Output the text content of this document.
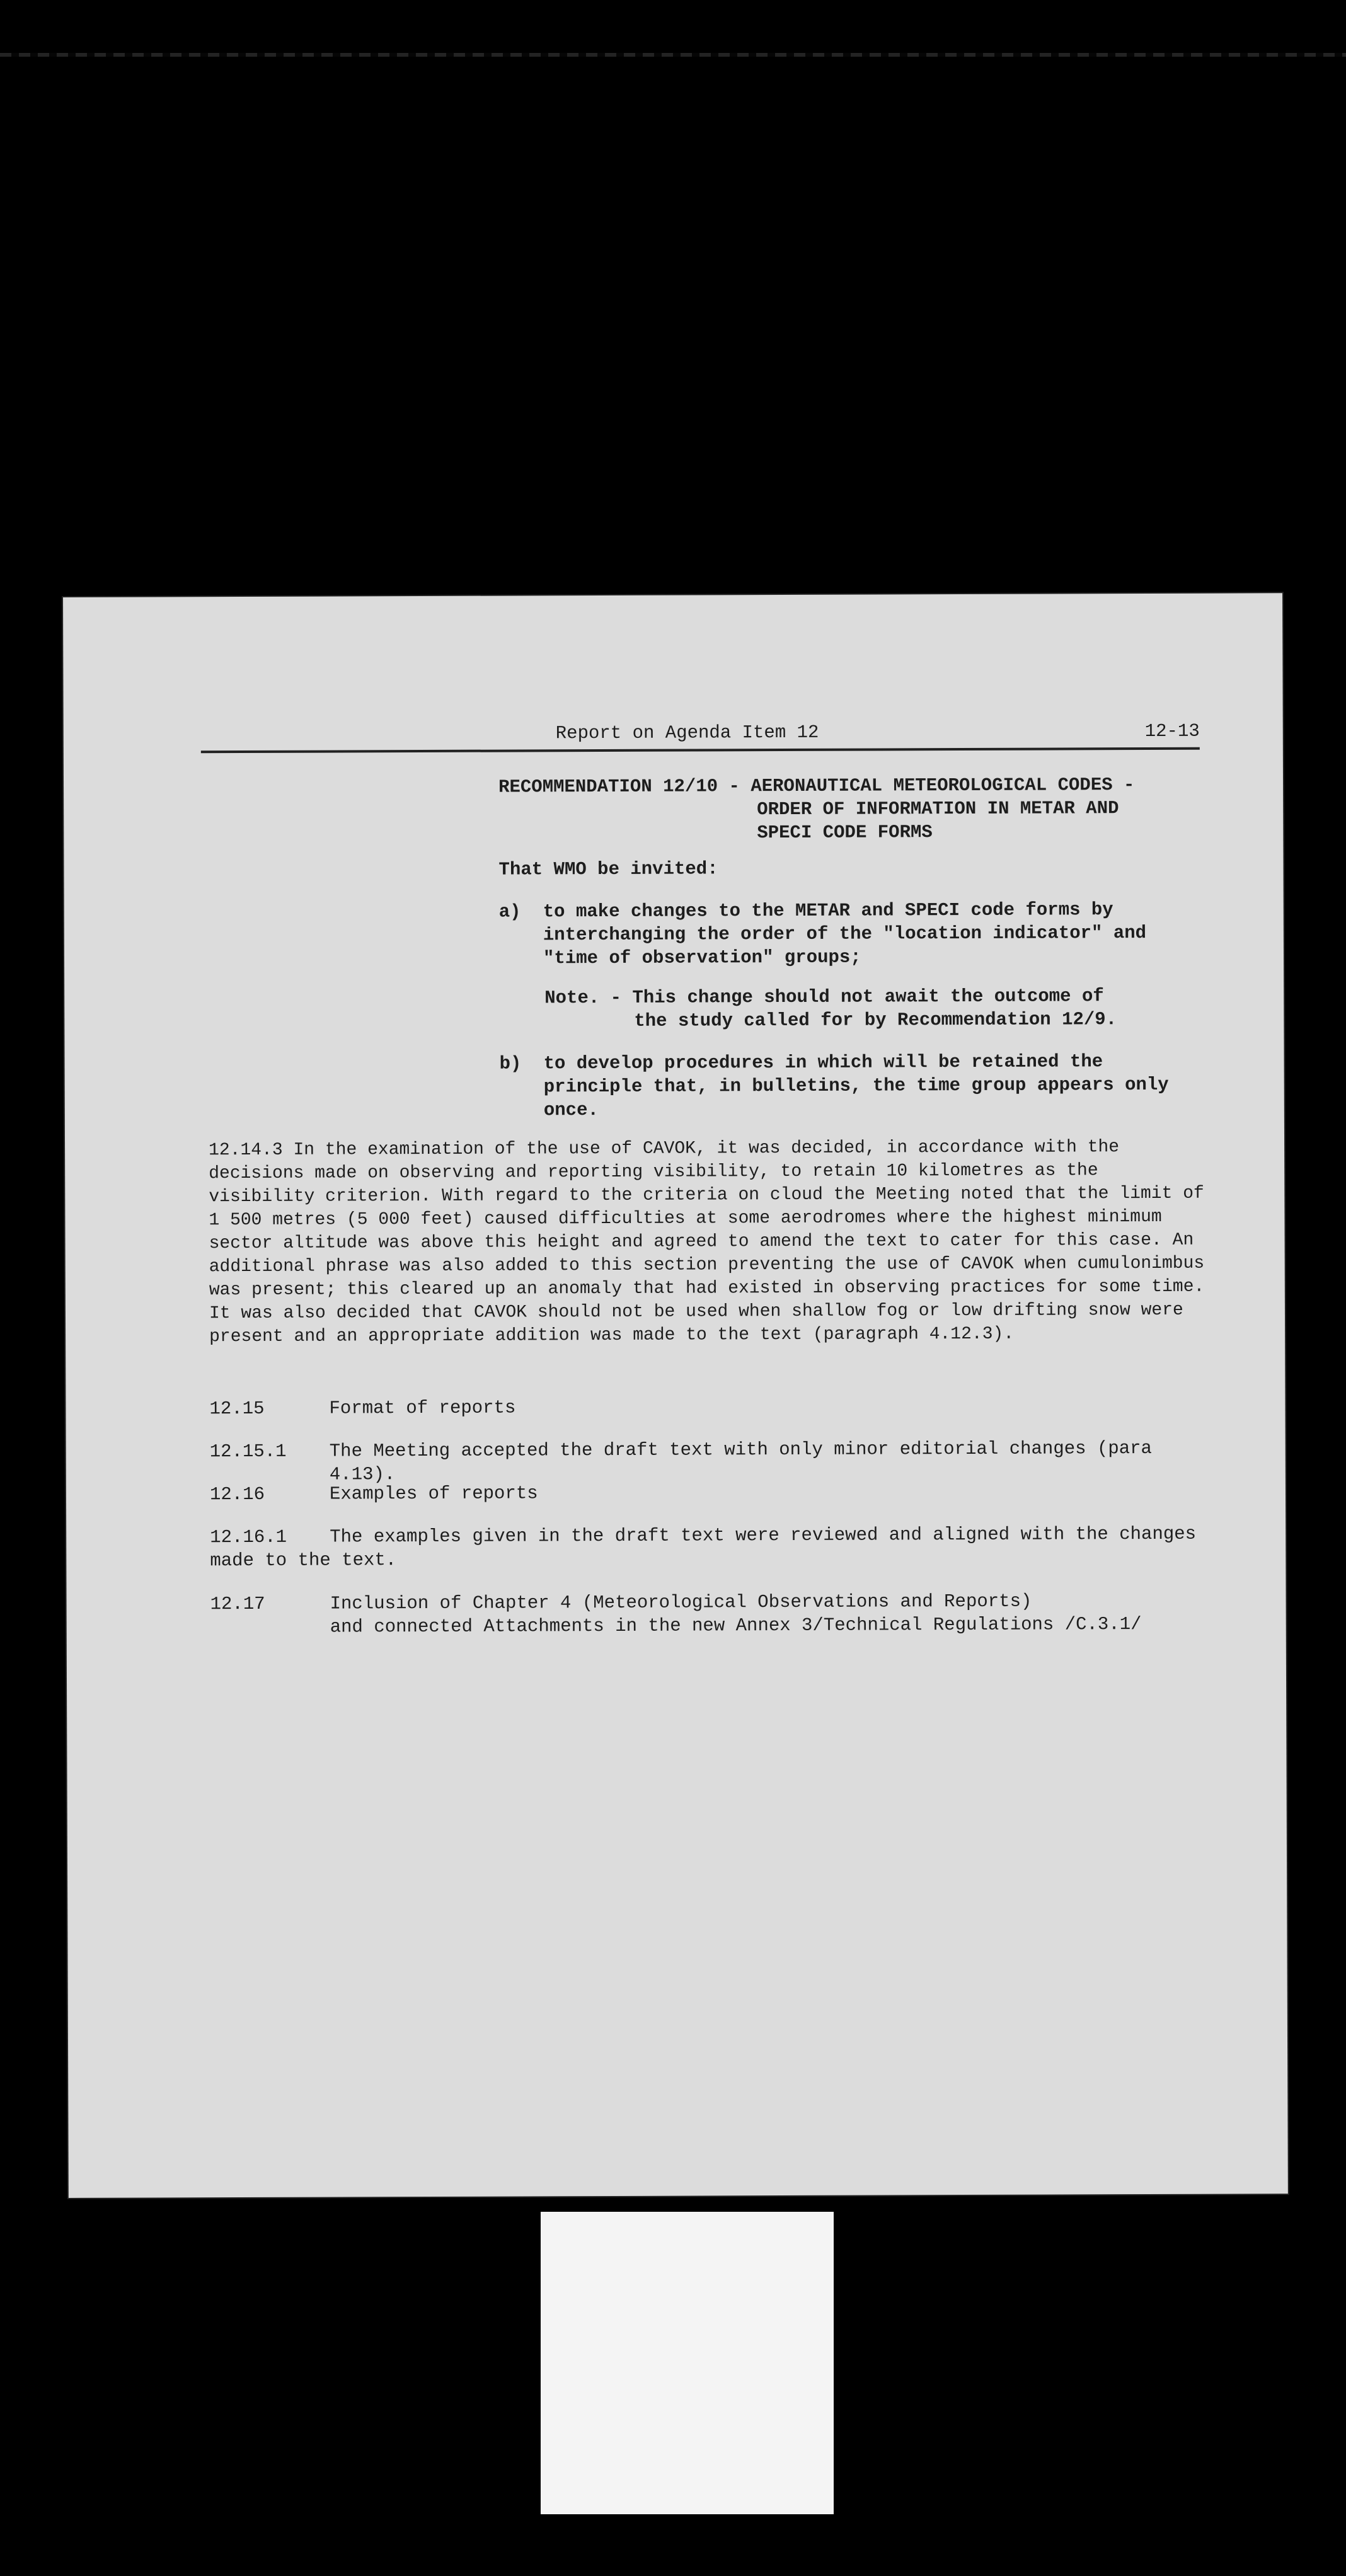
Report on Agenda Item 12	12-13
RECOMMENDATION 12/10 - AERONAUTICAL METEOROLOGICAL CODES -
ORDER OF INFORMATION IN METAR AND
SPECI CODE FORMS
That WMO be invited:
a)	to make changes to the METAR and SPECI code forms by interchanging the order of the "location indicator" and "time of observation" groups;
Note. - This change should not await the outcome of
the study called for by Recommendation 12/9.
b)	to develop procedures in which will be retained the principle that, in bulletins, the time group appears only once.
12.14.3 In the examination of the use of CAVOK, it was decided, in accordance with the decisions made on observing and reporting visibility, to retain 10 kilometres as the visibility criterion. With regard to the criteria on cloud the Meeting noted that the limit of 1 500 metres (5 000 feet) caused difficulties at some aerodromes where the highest minimum sector altitude was above this height and agreed to amend the text to cater for this case. An additional phrase was also added to this section preventing the use of CAVOK when cumulonimbus was present; this cleared up an anomaly that had existed in observing practices for some time. It was also decided that CAVOK should not be used when shallow fog or low drifting snow were present and an appropriate addition was made to the text (paragraph 4.12.3).
12.15	Format of reports
12.15.1 The Meeting accepted the draft text with only minor editorial changes (para 4.13).
12.16	Examples of reports
12.16.1 The examples given in the draft text were reviewed and aligned with the changes made to the text.
12.17	Inclusion of Chapter 4 (Meteorological Observations and Reports)
and connected Attachments in the new Annex 3/Technical Regulations /C.3.1/
